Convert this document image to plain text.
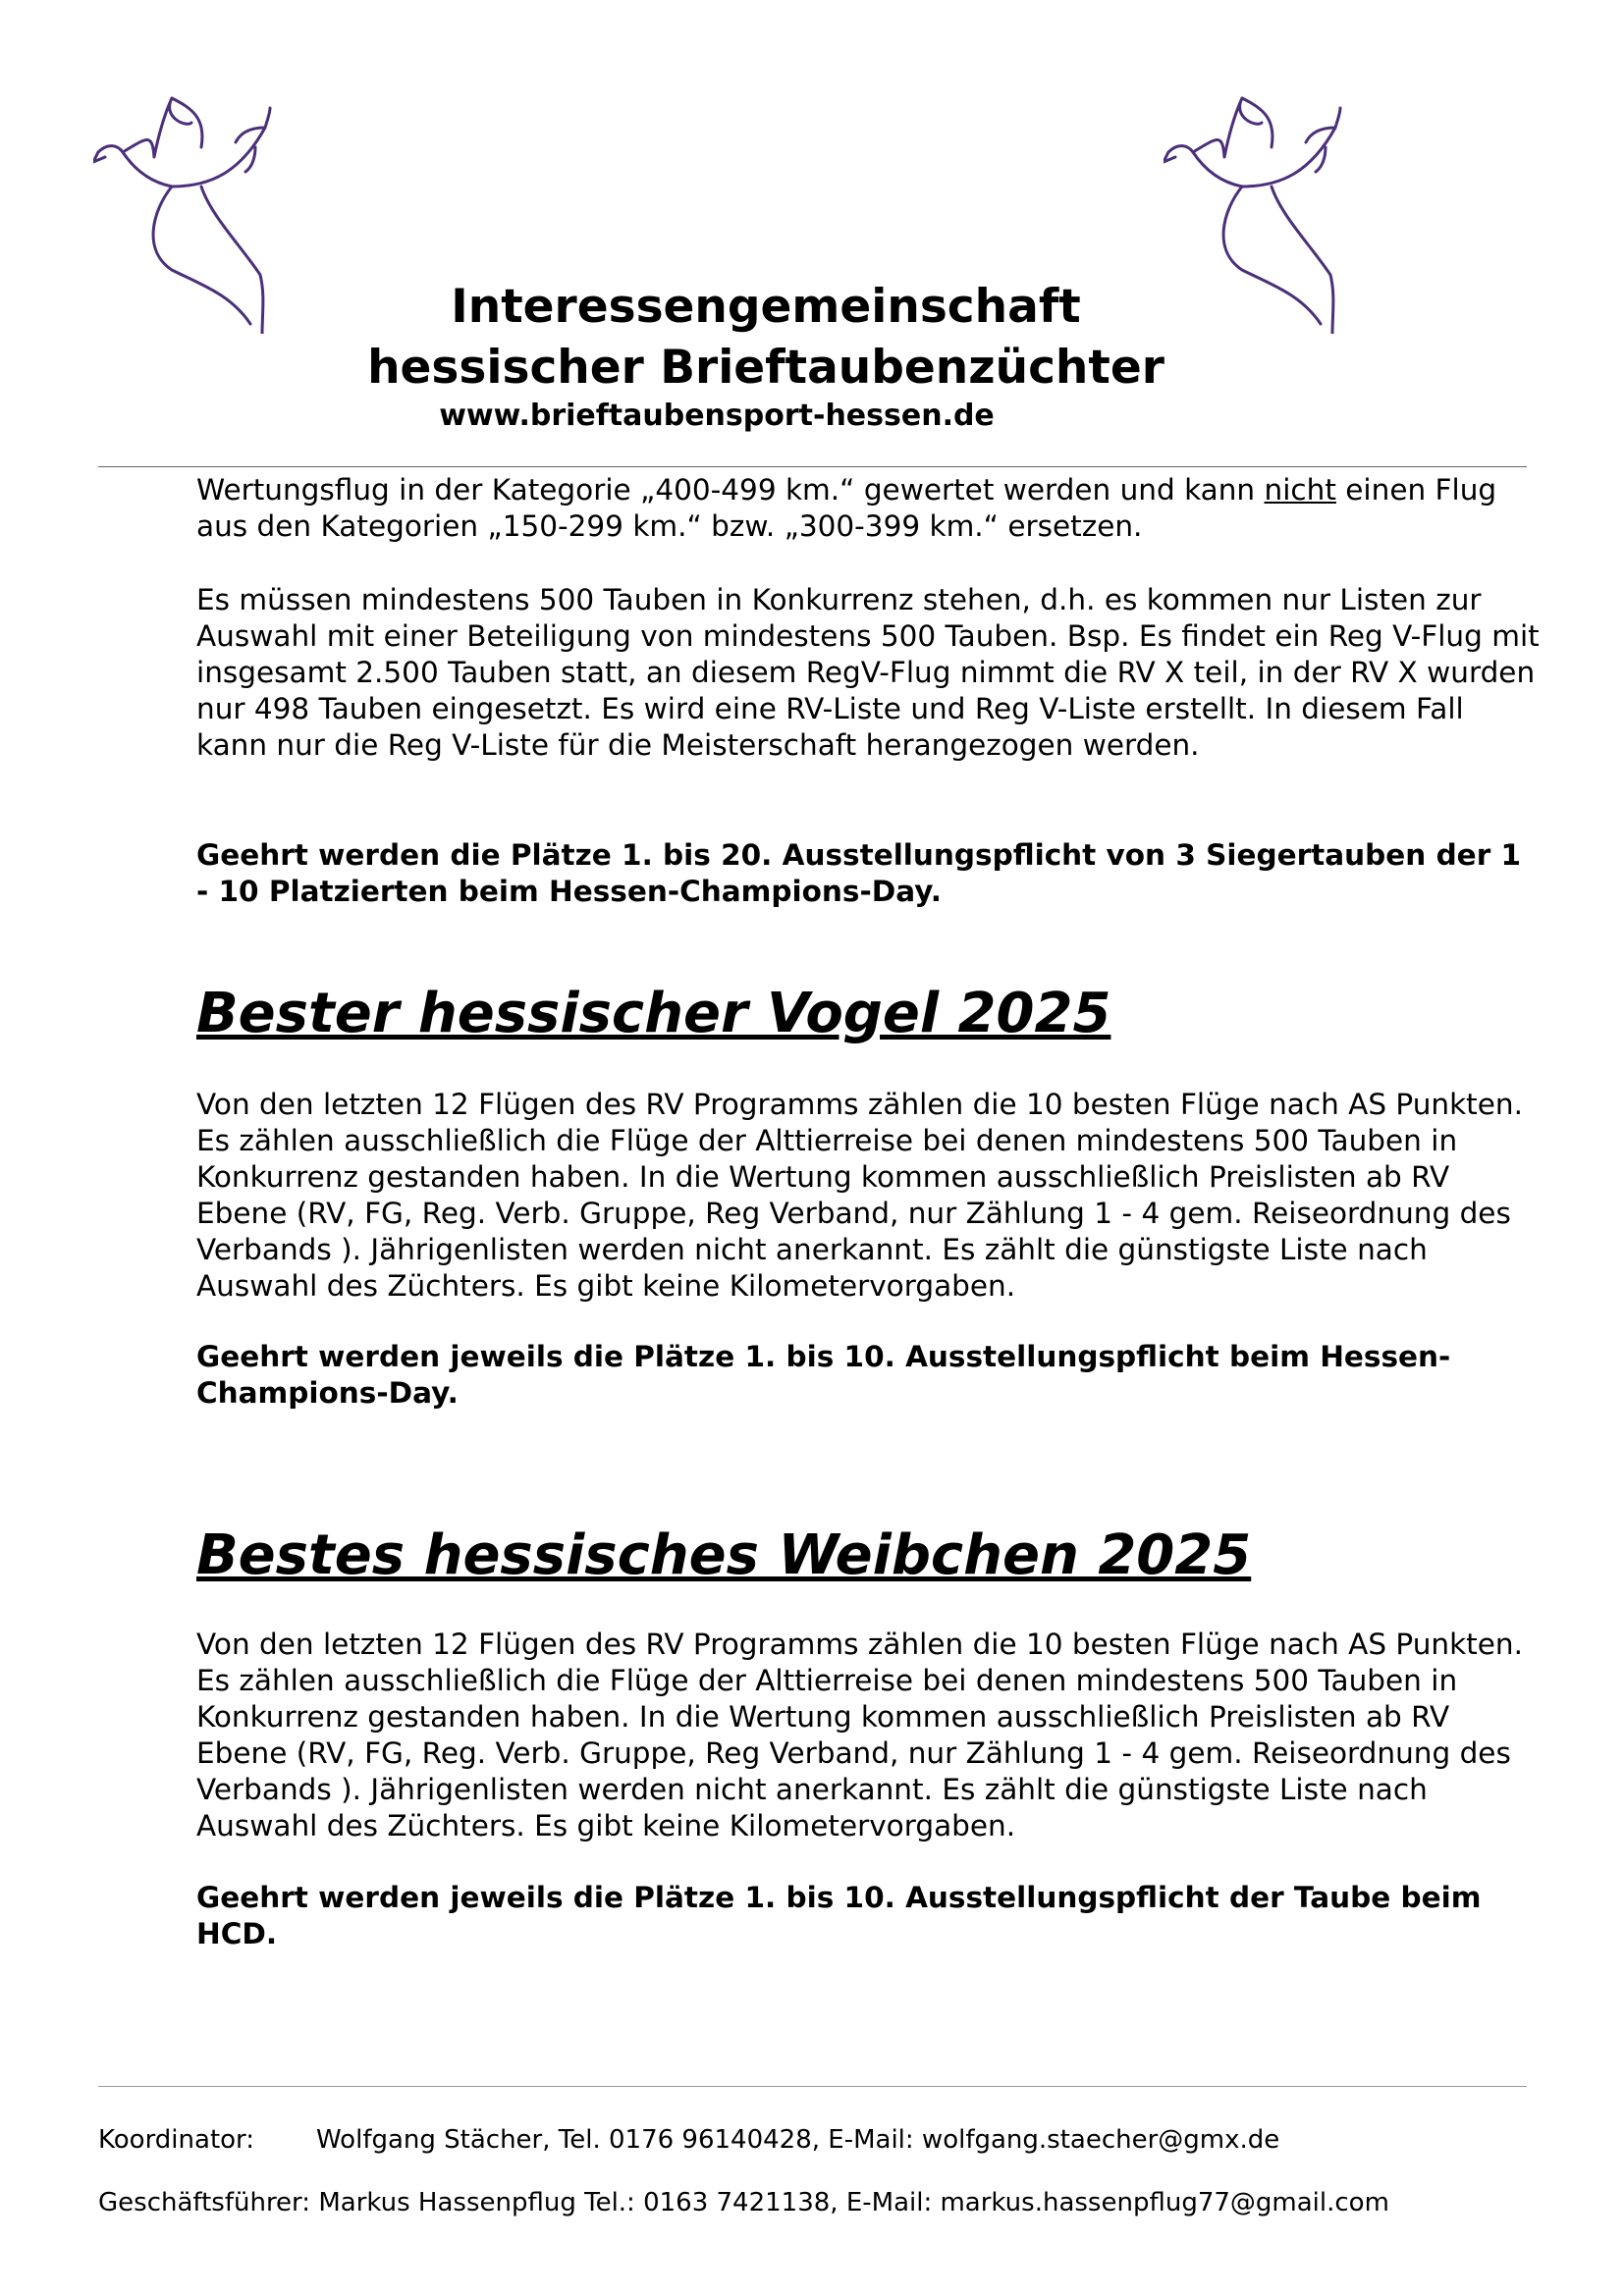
Interessengemeinschaft
hessischer Brieftaubenzüchter
www.brieftaubensport-hessen.de

Wertungsflug in der Kategorie „400-499 km.“ gewertet werden und kann nicht einen Flug aus den Kategorien „150-299 km.“ bzw. „300-399 km.“ ersetzen.

Es müssen mindestens 500 Tauben in Konkurrenz stehen, d.h. es kommen nur Listen zur Auswahl mit einer Beteiligung von mindestens 500 Tauben. Bsp. Es findet ein Reg V-Flug mit insgesamt 2.500 Tauben statt, an diesem RegV-Flug nimmt die RV X teil, in der RV X wurden nur 498 Tauben eingesetzt. Es wird eine RV-Liste und Reg V-Liste erstellt. In diesem Fall kann nur die Reg V-Liste für die Meisterschaft herangezogen werden.

Geehrt werden die Plätze 1. bis 20. Ausstellungspflicht von 3 Siegertauben der 1 - 10 Platzierten beim Hessen-Champions-Day.

Bester hessischer Vogel 2025

Von den letzten 12 Flügen des RV Programms zählen die 10 besten Flüge nach AS Punkten. Es zählen ausschließlich die Flüge der Alttierreise bei denen mindestens 500 Tauben in Konkurrenz gestanden haben. In die Wertung kommen ausschließlich Preislisten ab RV Ebene (RV, FG, Reg. Verb. Gruppe, Reg Verband, nur Zählung 1 - 4 gem. Reiseordnung des Verbands ). Jährigenlisten werden nicht anerkannt. Es zählt die günstigste Liste nach Auswahl des Züchters. Es gibt keine Kilometervorgaben.

Geehrt werden jeweils die Plätze 1. bis 10. Ausstellungspflicht beim Hessen-Champions-Day.

Bestes hessisches Weibchen 2025

Von den letzten 12 Flügen des RV Programms zählen die 10 besten Flüge nach AS Punkten. Es zählen ausschließlich die Flüge der Alttierreise bei denen mindestens 500 Tauben in Konkurrenz gestanden haben. In die Wertung kommen ausschließlich Preislisten ab RV Ebene (RV, FG, Reg. Verb. Gruppe, Reg Verband, nur Zählung 1 - 4 gem. Reiseordnung des Verbands ). Jährigenlisten werden nicht anerkannt. Es zählt die günstigste Liste nach Auswahl des Züchters. Es gibt keine Kilometervorgaben.

Geehrt werden jeweils die Plätze 1. bis 10. Ausstellungspflicht der Taube beim HCD.

Koordinator: Wolfgang Stächer, Tel. 0176 96140428, E-Mail: wolfgang.staecher@gmx.de
Geschäftsführer: Markus Hassenpflug Tel.: 0163 7421138, E-Mail: markus.hassenpflug77@gmail.com
